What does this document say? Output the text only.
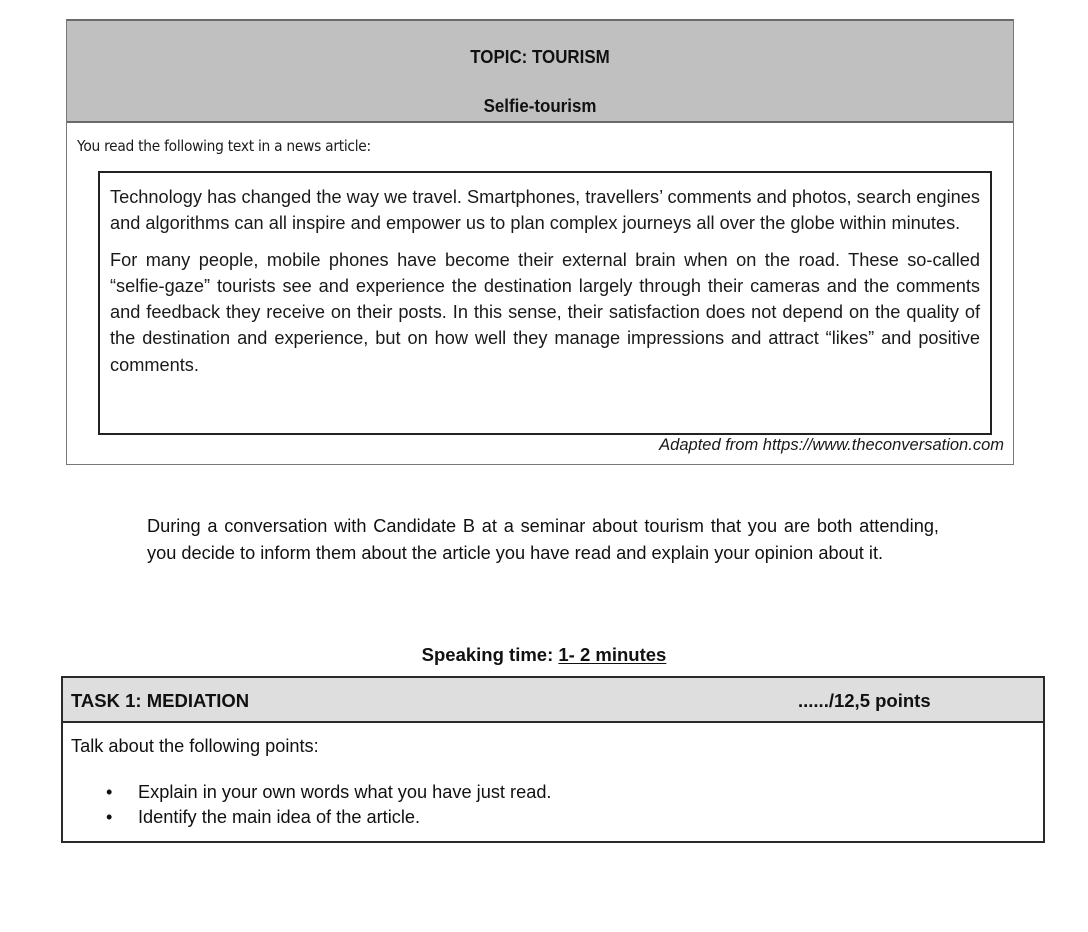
TOPIC: TOURISM
Selfie-tourism
You read the following text in a news article:

Technology has changed the way we travel. Smartphones, travellers’ comments and photos, search engines and algorithms can all inspire and empower us to plan complex journeys all over the globe within minutes.

For many people, mobile phones have become their external brain when on the road. These so-called “selfie-gaze” tourists see and experience the destination largely through their cameras and the comments and feedback they receive on their posts. In this sense, their satisfaction does not depend on the quality of the destination and experience, but on how well they manage impressions and attract “likes” and positive comments.

Adapted from https://www.theconversation.com

During a conversation with Candidate B at a seminar about tourism that you are both attending, you decide to inform them about the article you have read and explain your opinion about it.

Speaking time: 1- 2 minutes
TASK 1: MEDIATION	....../12,5 points
Talk about the following points:
• Explain in your own words what you have just read.
• Identify the main idea of the article.
